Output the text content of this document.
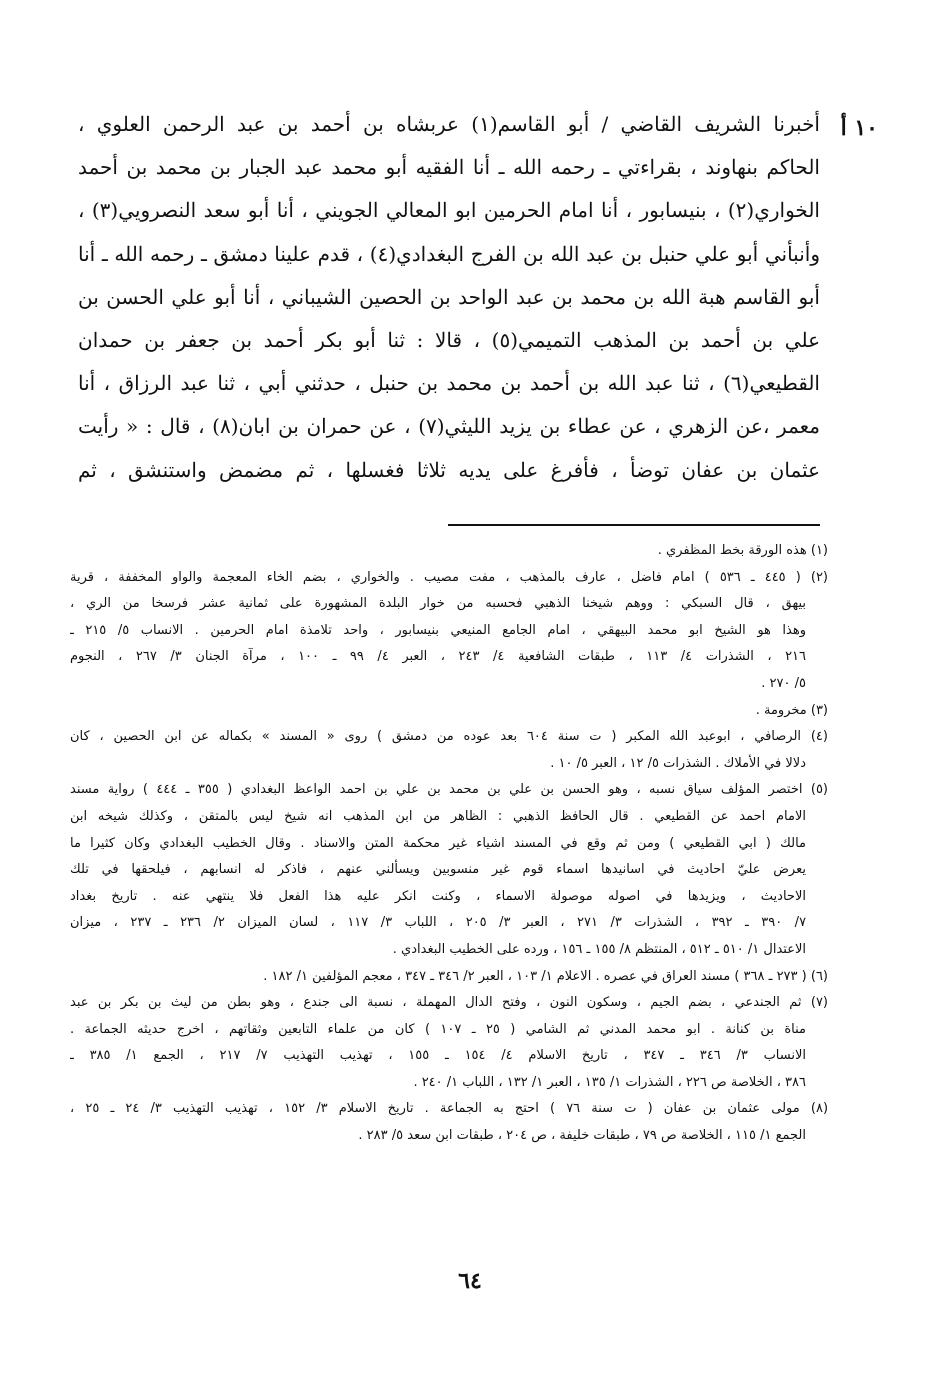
١٠ أ
أخبرنا الشريف القاضي / أبو القاسم(١) عربشاه بن أحمد بن عبد الرحمن العلوي ،
الحاكم بنهاوند ، بقراءتي ـ رحمه الله ـ أنا الفقيه أبو محمد عبد الجبار بن محمد بن أحمد
الخواري(٢) ، بنيسابور ، أنا امام الحرمين ابو المعالي الجويني ، أنا أبو سعد النصرويي(٣) ،
وأنبأني أبو علي حنبل بن عبد الله بن الفرج البغدادي(٤) ، قدم علينا دمشق ـ رحمه الله ـ أنا
أبو القاسم هبة الله بن محمد بن عبد الواحد بن الحصين الشيباني ، أنا أبو علي الحسن بن
علي بن أحمد بن المذهب التميمي(٥) ، قالا : ثنا أبو بكر أحمد بن جعفر بن حمدان
القطيعي(٦) ، ثنا عبد الله بن أحمد بن محمد بن حنبل ، حدثني أبي ، ثنا عبد الرزاق ، أنا
معمر ،عن الزهري ، عن عطاء بن يزيد الليثي(٧) ، عن حمران بن ابان(٨) ، قال : « رأيت
عثمان بن عفان توضأ ، فأفرغ على يديه ثلاثا فغسلها ، ثم مضمض واستنشق ، ثم
(١) هذه الورقة بخط المظفري .
(٢) ( ٤٤٥ ـ ٥٣٦ ) امام فاضل ، عارف بالمذهب ، مفت مصيب . والخواري ، بضم الخاء المعجمة والواو المخففة ، قرية
بيهق ، قال السبكي : ووهم شيخنا الذهبي فحسبه من خوار البلدة المشهورة على ثمانية عشر فرسخا من الري ،
وهذا هو الشيخ ابو محمد البيهقي ، امام الجامع المنيعي بنيسابور ، واحد تلامذة امام الحرمين . الانساب ٥/ ٢١٥ ـ
٢١٦ ، الشذرات ٤/ ١١٣ ، طبقات الشافعية ٤/ ٢٤٣ ، العبر ٤/ ٩٩ ـ ١٠٠ ، مرآة الجنان ٣/ ٢٦٧ ، النجوم
٥/ ٢٧٠ .
(٣) مخرومة .
(٤) الرصافي ، ابوعبد الله المكبر ( ت سنة ٦٠٤ بعد عوده من دمشق ) روى « المسند » بكماله عن ابن الحصين ، كان
دلالا في الأملاك . الشذرات ٥/ ١٢ ، العبر ٥/ ١٠ .
(٥) اختصر المؤلف سياق نسبه ، وهو الحسن بن علي بن محمد بن علي بن احمد الواعظ البغدادي ( ٣٥٥ ـ ٤٤٤ ) رواية مسند
الامام احمد عن القطيعي . قال الحافظ الذهبي : الظاهر من ابن المذهب انه شيخ ليس بالمتقن ، وكذلك شيخه ابن
مالك ( ابي القطيعي ) ومن ثم وقع في المسند اشياء غير محكمة المتن والاسناد . وقال الخطيب البغدادي وكان كثيرا ما
يعرض عليّ احاديث في اسانيدها اسماء قوم غير منسوبين ويسألني عنهم ، فاذكر له انسابهم ، فيلحقها في تلك
الاحاديث ، ويزيدها في اصوله موصولة الاسماء ، وكنت انكر عليه هذا الفعل فلا ينتهي عنه . تاريخ بغداد
٧/ ٣٩٠ ـ ٣٩٢ ، الشذرات ٣/ ٢٧١ ، العبر ٣/ ٢٠٥ ، اللباب ٣/ ١١٧ ، لسان الميزان ٢/ ٢٣٦ ـ ٢٣٧ ، ميزان
الاعتدال ١/ ٥١٠ ـ ٥١٢ ، المنتظم ٨/ ١٥٥ ـ ١٥٦ ، ورده على الخطيب البغدادي .
(٦) ( ٢٧٣ ـ ٣٦٨ ) مسند العراق في عصره . الاعلام ١/ ١٠٣ ، العبر ٢/ ٣٤٦ ـ ٣٤٧ ، معجم المؤلفين ١/ ١٨٢ .
(٧) ثم الجندعي ، بضم الجيم ، وسكون النون ، وفتح الدال المهملة ، نسبة الى جندع ، وهو بطن من ليث بن بكر بن عبد
مناة بن كنانة . ابو محمد المدني ثم الشامي ( ٢٥ ـ ١٠٧ ) كان من علماء التابعين وثقاتهم ، اخرج حديثه الجماعة .
الانساب ٣/ ٣٤٦ ـ ٣٤٧ ، تاريخ الاسلام ٤/ ١٥٤ ـ ١٥٥ ، تهذيب التهذيب ٧/ ٢١٧ ، الجمع ١/ ٣٨٥ ـ
٣٨٦ ، الخلاصة ص ٢٢٦ ، الشذرات ١/ ١٣٥ ، العبر ١/ ١٣٢ ، اللباب ١/ ٢٤٠ .
(٨) مولى عثمان بن عفان ( ت سنة ٧٦ ) احتج به الجماعة . تاريخ الاسلام ٣/ ١٥٢ ، تهذيب التهذيب ٣/ ٢٤ ـ ٢٥ ،
الجمع ١/ ١١٥ ، الخلاصة ص ٧٩ ، طبقات خليفة ، ص ٢٠٤ ، طبقات ابن سعد ٥/ ٢٨٣ .
٦٤
